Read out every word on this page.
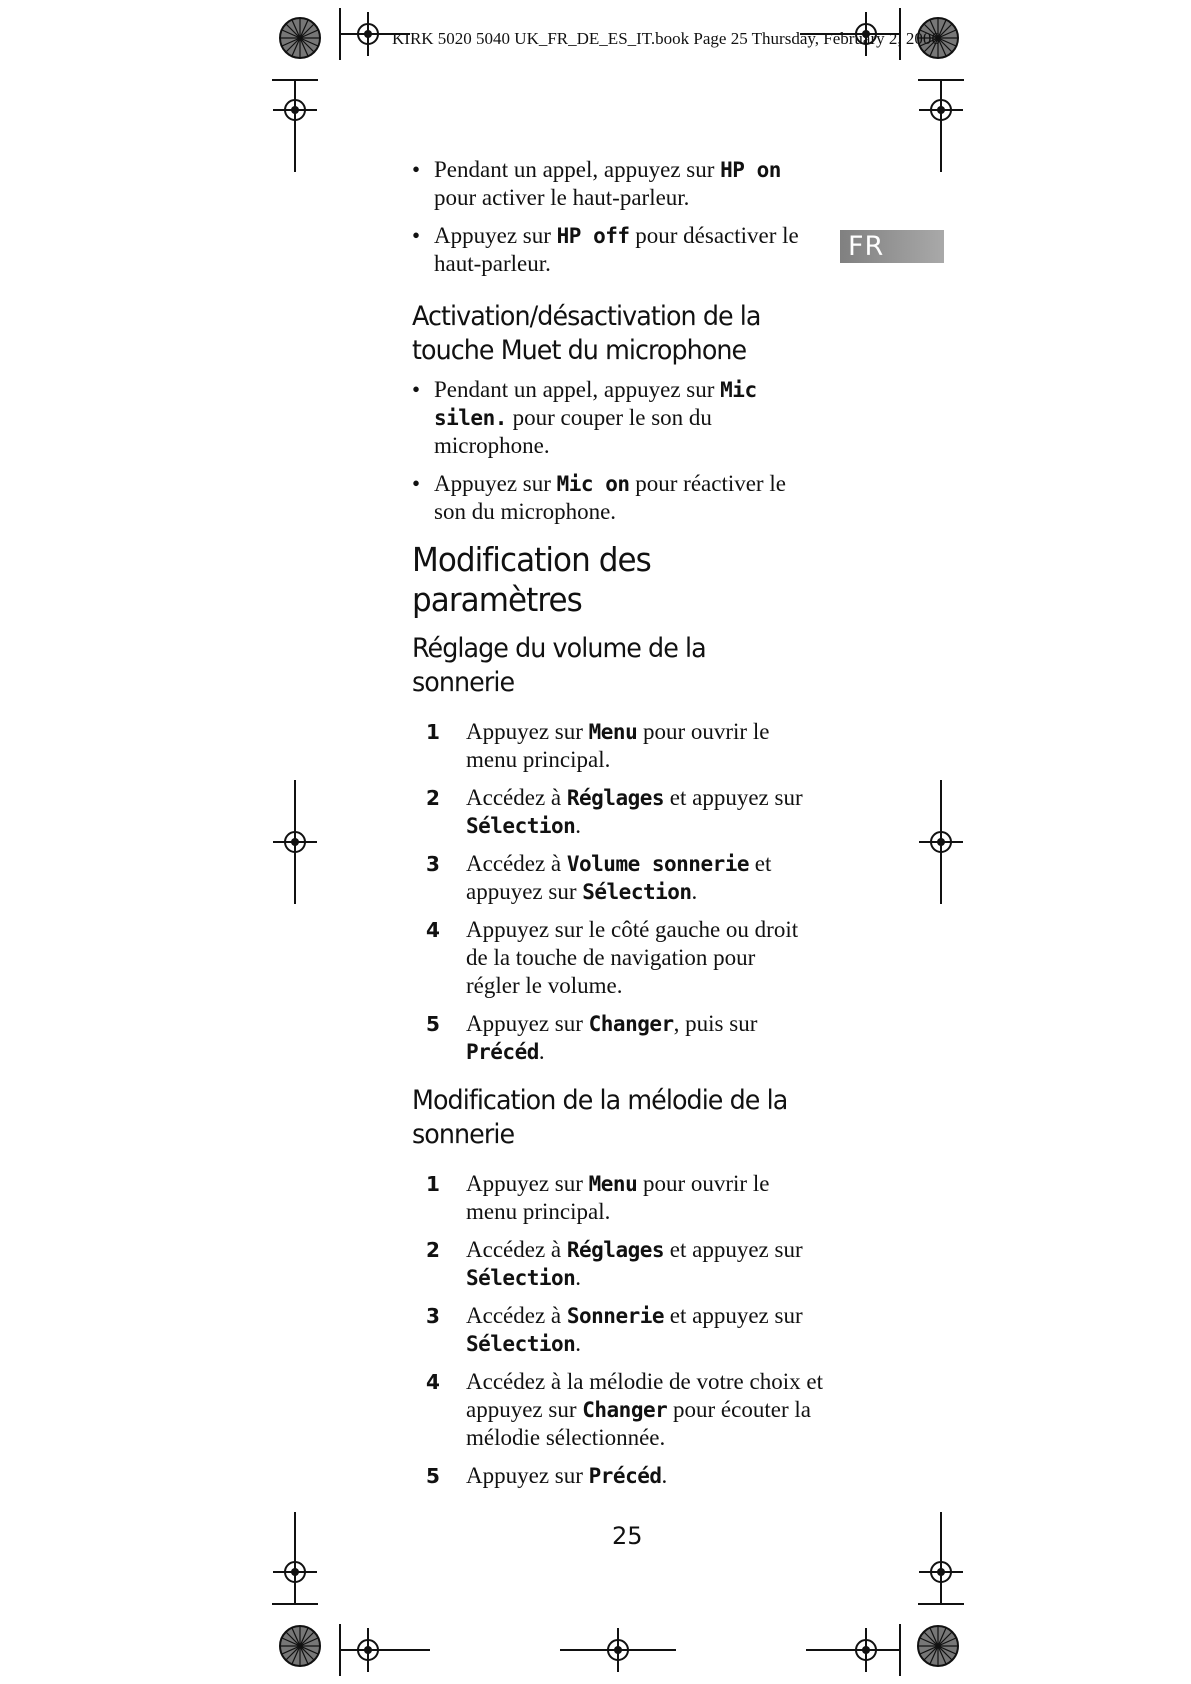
KIRK 5020 5040 UK_FR_DE_ES_IT.book Page 25 Thursday, February 2, 2006
FR
• Pendant un appel, appuyez sur HP on
pour activer le haut-parleur.
• Appuyez sur HP off pour désactiver le
haut-parleur.
Activation/désactivation de la
touche Muet du microphone
• Pendant un appel, appuyez sur Mic
silen. pour couper le son du
microphone.
• Appuyez sur Mic on pour réactiver le
son du microphone.
Modification des paramètres
Réglage du volume de la sonnerie
1 Appuyez sur Menu pour ouvrir le
menu principal.
2 Accédez à Réglages et appuyez sur
Sélection.
3 Accédez à Volume sonnerie et
appuyez sur Sélection.
4 Appuyez sur le côté gauche ou droit
de la touche de navigation pour
régler le volume.
5 Appuyez sur Changer, puis sur
Précéd.
Modification de la mélodie de la
sonnerie
1 Appuyez sur Menu pour ouvrir le
menu principal.
2 Accédez à Réglages et appuyez sur
Sélection.
3 Accédez à Sonnerie et appuyez sur
Sélection.
4 Accédez à la mélodie de votre choix et
appuyez sur Changer pour écouter la
mélodie sélectionnée.
5 Appuyez sur Précéd.
25
